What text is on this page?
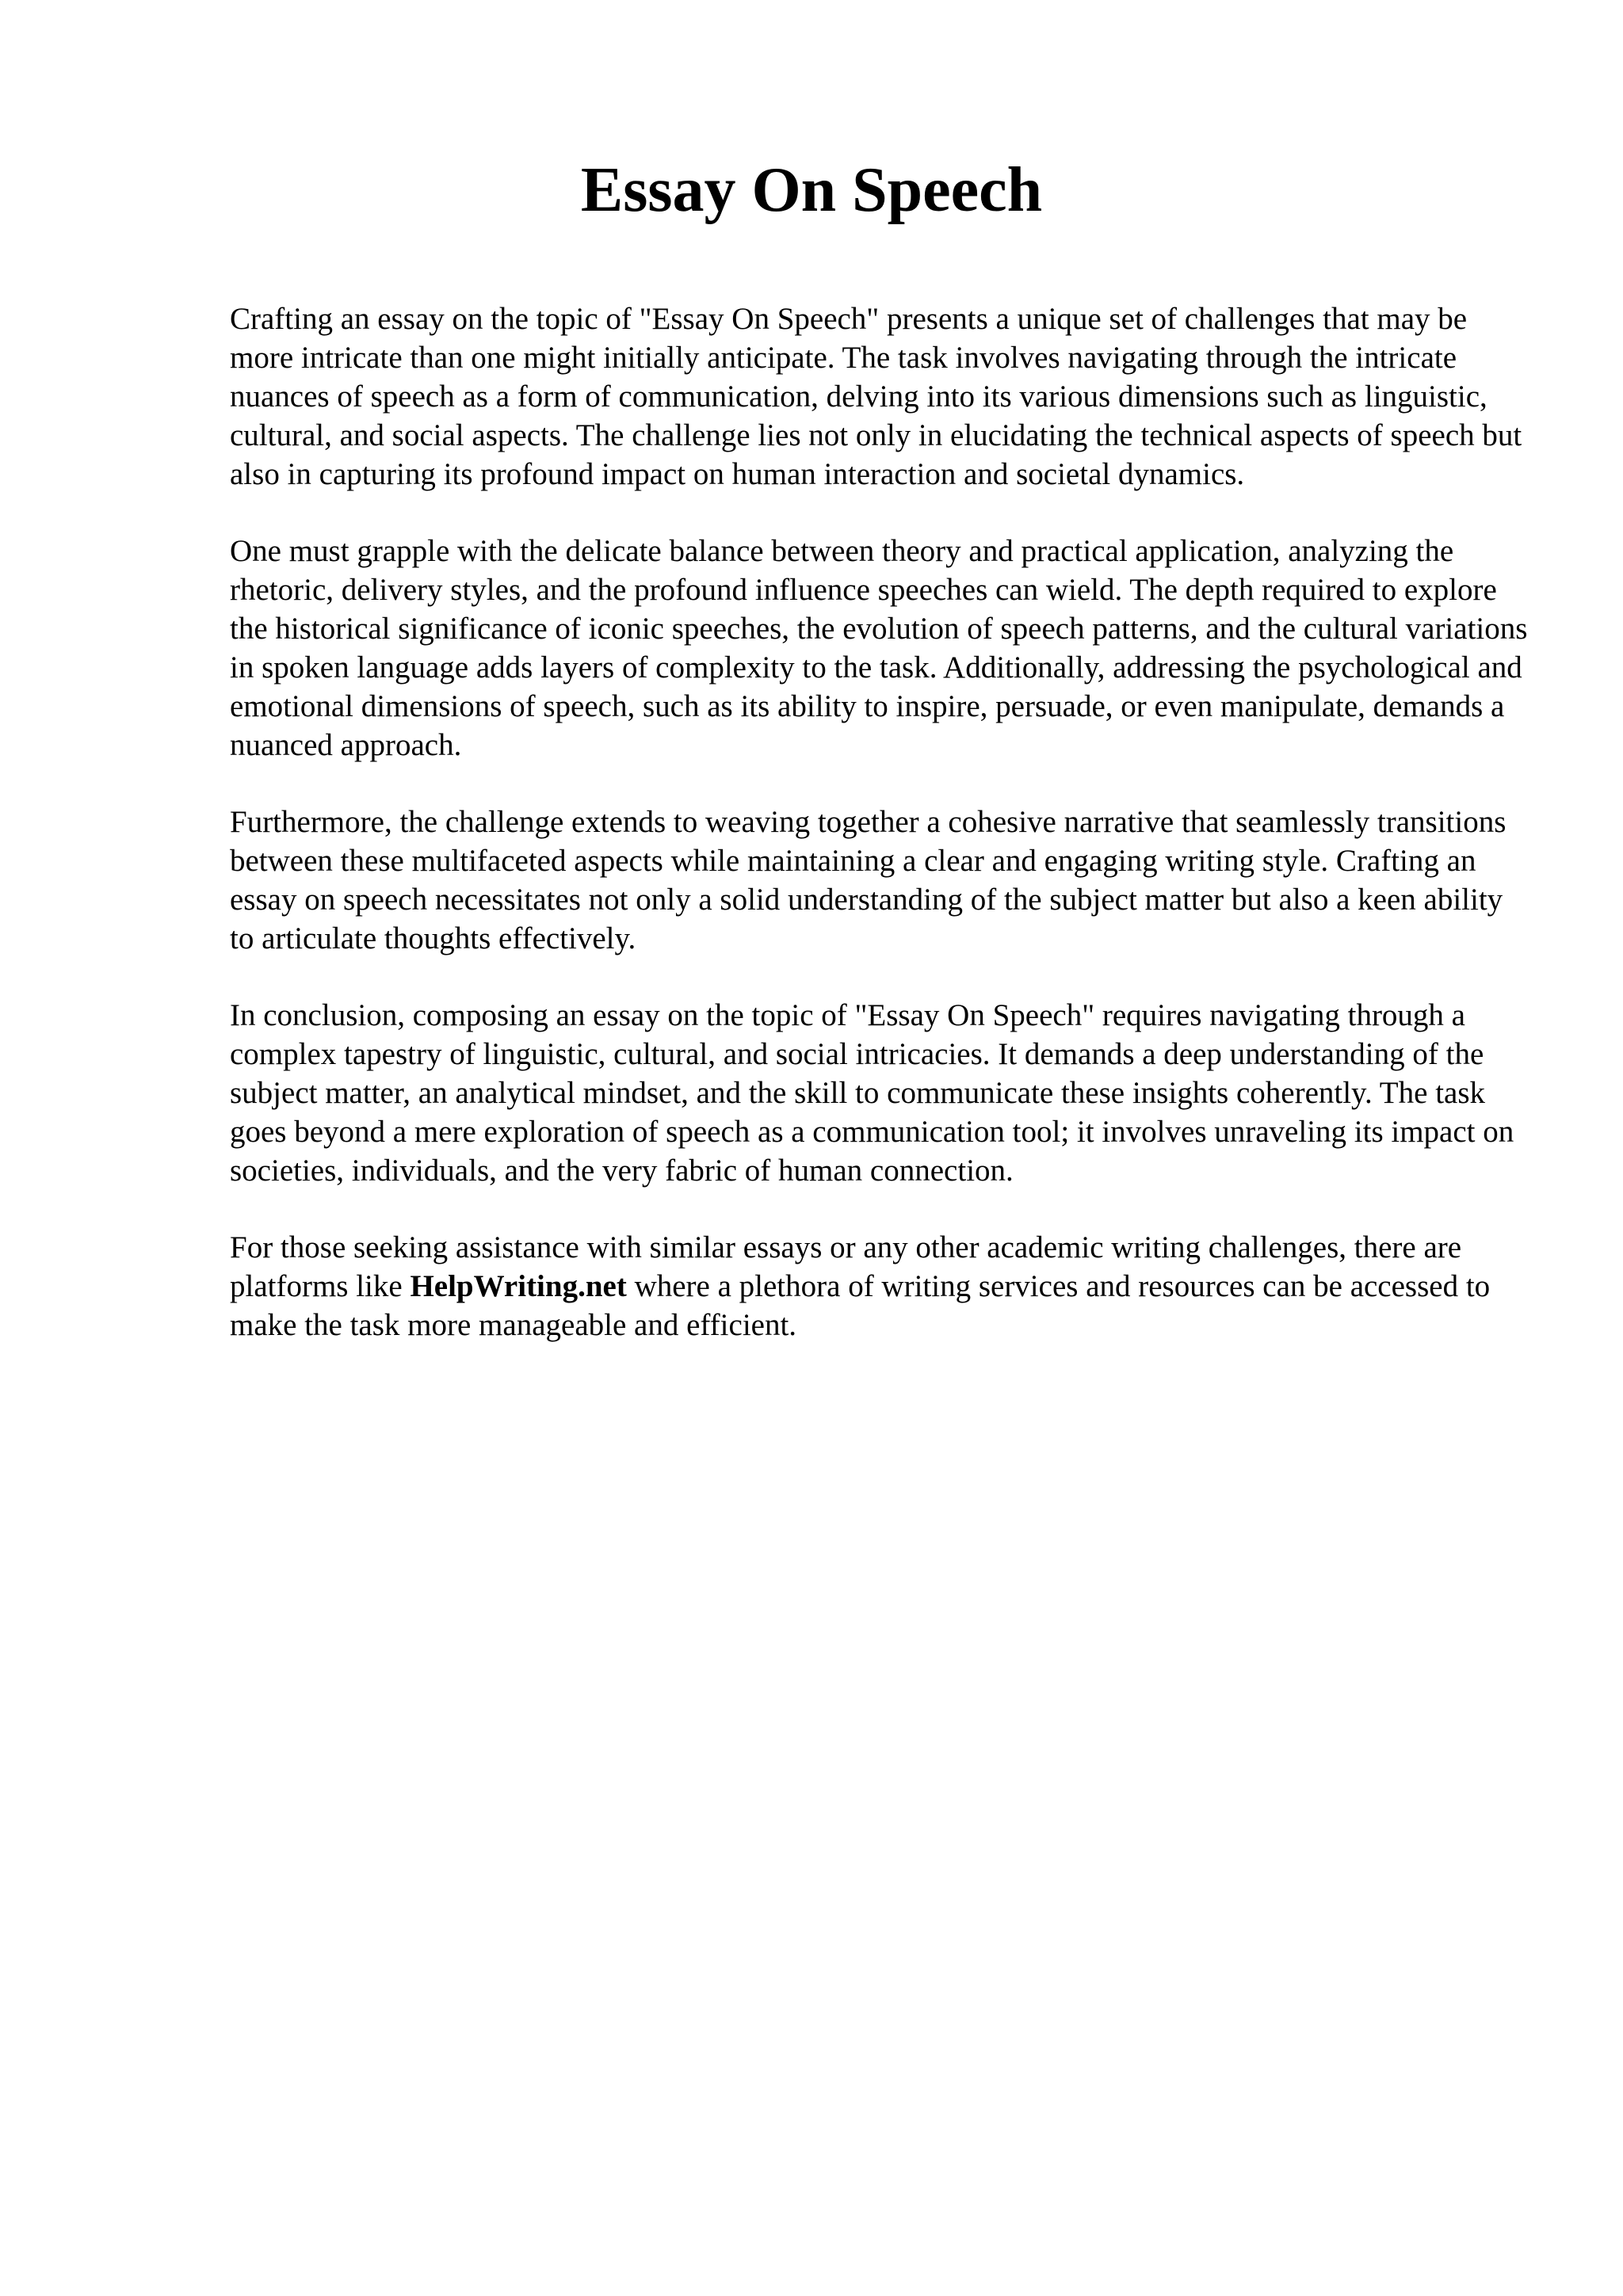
Essay On Speech

Crafting an essay on the topic of "Essay On Speech" presents a unique set of challenges that may be more intricate than one might initially anticipate. The task involves navigating through the intricate nuances of speech as a form of communication, delving into its various dimensions such as linguistic, cultural, and social aspects. The challenge lies not only in elucidating the technical aspects of speech but also in capturing its profound impact on human interaction and societal dynamics.

One must grapple with the delicate balance between theory and practical application, analyzing the rhetoric, delivery styles, and the profound influence speeches can wield. The depth required to explore the historical significance of iconic speeches, the evolution of speech patterns, and the cultural variations in spoken language adds layers of complexity to the task. Additionally, addressing the psychological and emotional dimensions of speech, such as its ability to inspire, persuade, or even manipulate, demands a nuanced approach.

Furthermore, the challenge extends to weaving together a cohesive narrative that seamlessly transitions between these multifaceted aspects while maintaining a clear and engaging writing style. Crafting an essay on speech necessitates not only a solid understanding of the subject matter but also a keen ability to articulate thoughts effectively.

In conclusion, composing an essay on the topic of "Essay On Speech" requires navigating through a complex tapestry of linguistic, cultural, and social intricacies. It demands a deep understanding of the subject matter, an analytical mindset, and the skill to communicate these insights coherently. The task goes beyond a mere exploration of speech as a communication tool; it involves unraveling its impact on societies, individuals, and the very fabric of human connection.

For those seeking assistance with similar essays or any other academic writing challenges, there are platforms like HelpWriting.net where a plethora of writing services and resources can be accessed to make the task more manageable and efficient.
